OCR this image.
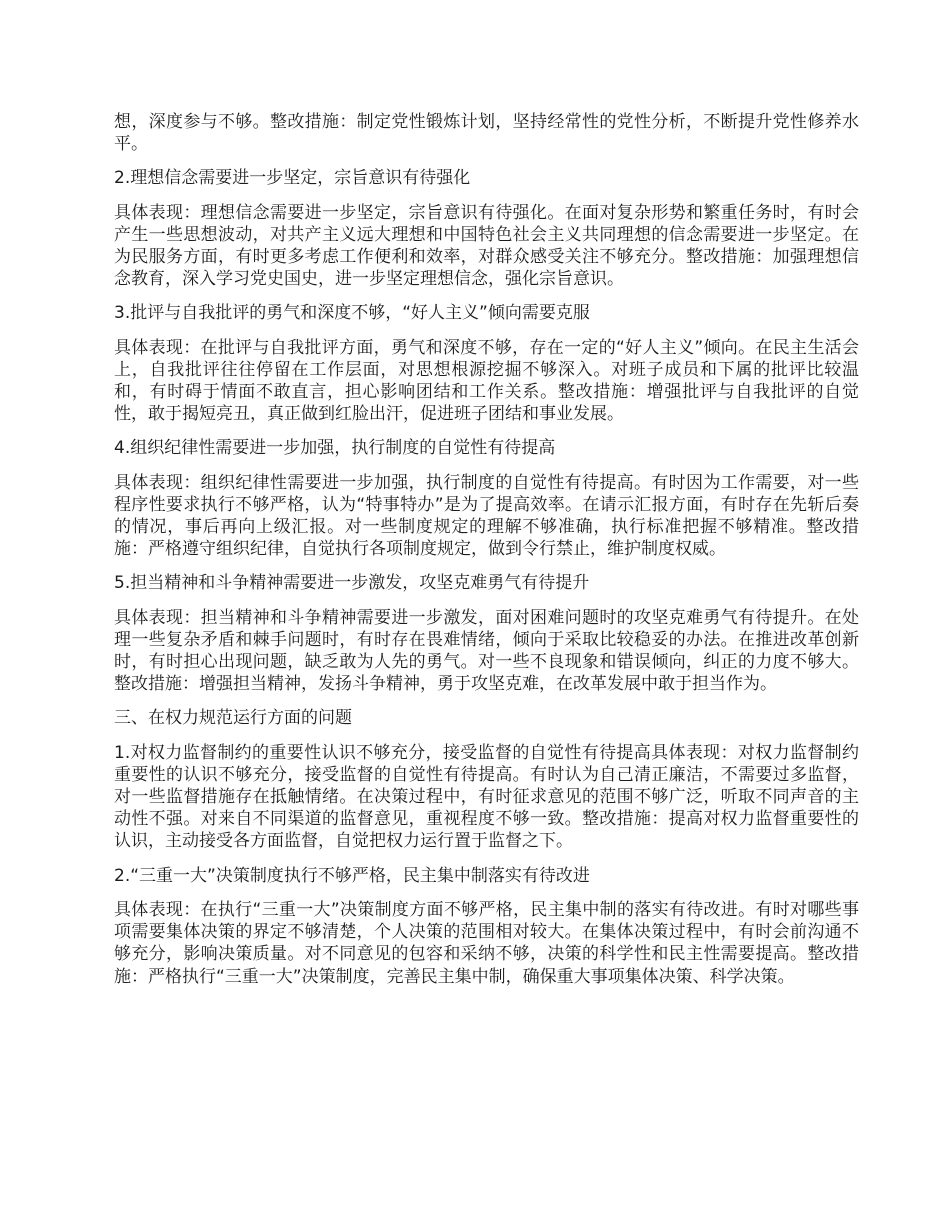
想，深度参与不够。整改措施：制定党性锻炼计划，坚持经常性的党性分析，不断提升党性修养水平。

2.理想信念需要进一步坚定，宗旨意识有待强化

具体表现：理想信念需要进一步坚定，宗旨意识有待强化。在面对复杂形势和繁重任务时，有时会产生一些思想波动，对共产主义远大理想和中国特色社会主义共同理想的信念需要进一步坚定。在为民服务方面，有时更多考虑工作便利和效率，对群众感受关注不够充分。整改措施：加强理想信念教育，深入学习党史国史，进一步坚定理想信念，强化宗旨意识。

3.批评与自我批评的勇气和深度不够，“好人主义”倾向需要克服

具体表现：在批评与自我批评方面，勇气和深度不够，存在一定的“好人主义”倾向。在民主生活会上，自我批评往往停留在工作层面，对思想根源挖掘不够深入。对班子成员和下属的批评比较温和，有时碍于情面不敢直言，担心影响团结和工作关系。整改措施：增强批评与自我批评的自觉性，敢于揭短亮丑，真正做到红脸出汗，促进班子团结和事业发展。

4.组织纪律性需要进一步加强，执行制度的自觉性有待提高

具体表现：组织纪律性需要进一步加强，执行制度的自觉性有待提高。有时因为工作需要，对一些程序性要求执行不够严格，认为“特事特办”是为了提高效率。在请示汇报方面，有时存在先斩后奏的情况，事后再向上级汇报。对一些制度规定的理解不够准确，执行标准把握不够精准。整改措施：严格遵守组织纪律，自觉执行各项制度规定，做到令行禁止，维护制度权威。

5.担当精神和斗争精神需要进一步激发，攻坚克难勇气有待提升

具体表现：担当精神和斗争精神需要进一步激发，面对困难问题时的攻坚克难勇气有待提升。在处理一些复杂矛盾和棘手问题时，有时存在畏难情绪，倾向于采取比较稳妥的办法。在推进改革创新时，有时担心出现问题，缺乏敢为人先的勇气。对一些不良现象和错误倾向，纠正的力度不够大。整改措施：增强担当精神，发扬斗争精神，勇于攻坚克难，在改革发展中敢于担当作为。

三、在权力规范运行方面的问题

1.对权力监督制约的重要性认识不够充分，接受监督的自觉性有待提高具体表现：对权力监督制约重要性的认识不够充分，接受监督的自觉性有待提高。有时认为自己清正廉洁，不需要过多监督，对一些监督措施存在抵触情绪。在决策过程中，有时征求意见的范围不够广泛，听取不同声音的主动性不强。对来自不同渠道的监督意见，重视程度不够一致。整改措施：提高对权力监督重要性的认识，主动接受各方面监督，自觉把权力运行置于监督之下。

2.“三重一大”决策制度执行不够严格，民主集中制落实有待改进

具体表现：在执行“三重一大”决策制度方面不够严格，民主集中制的落实有待改进。有时对哪些事项需要集体决策的界定不够清楚，个人决策的范围相对较大。在集体决策过程中，有时会前沟通不够充分，影响决策质量。对不同意见的包容和采纳不够，决策的科学性和民主性需要提高。整改措施：严格执行“三重一大”决策制度，完善民主集中制，确保重大事项集体决策、科学决策。
